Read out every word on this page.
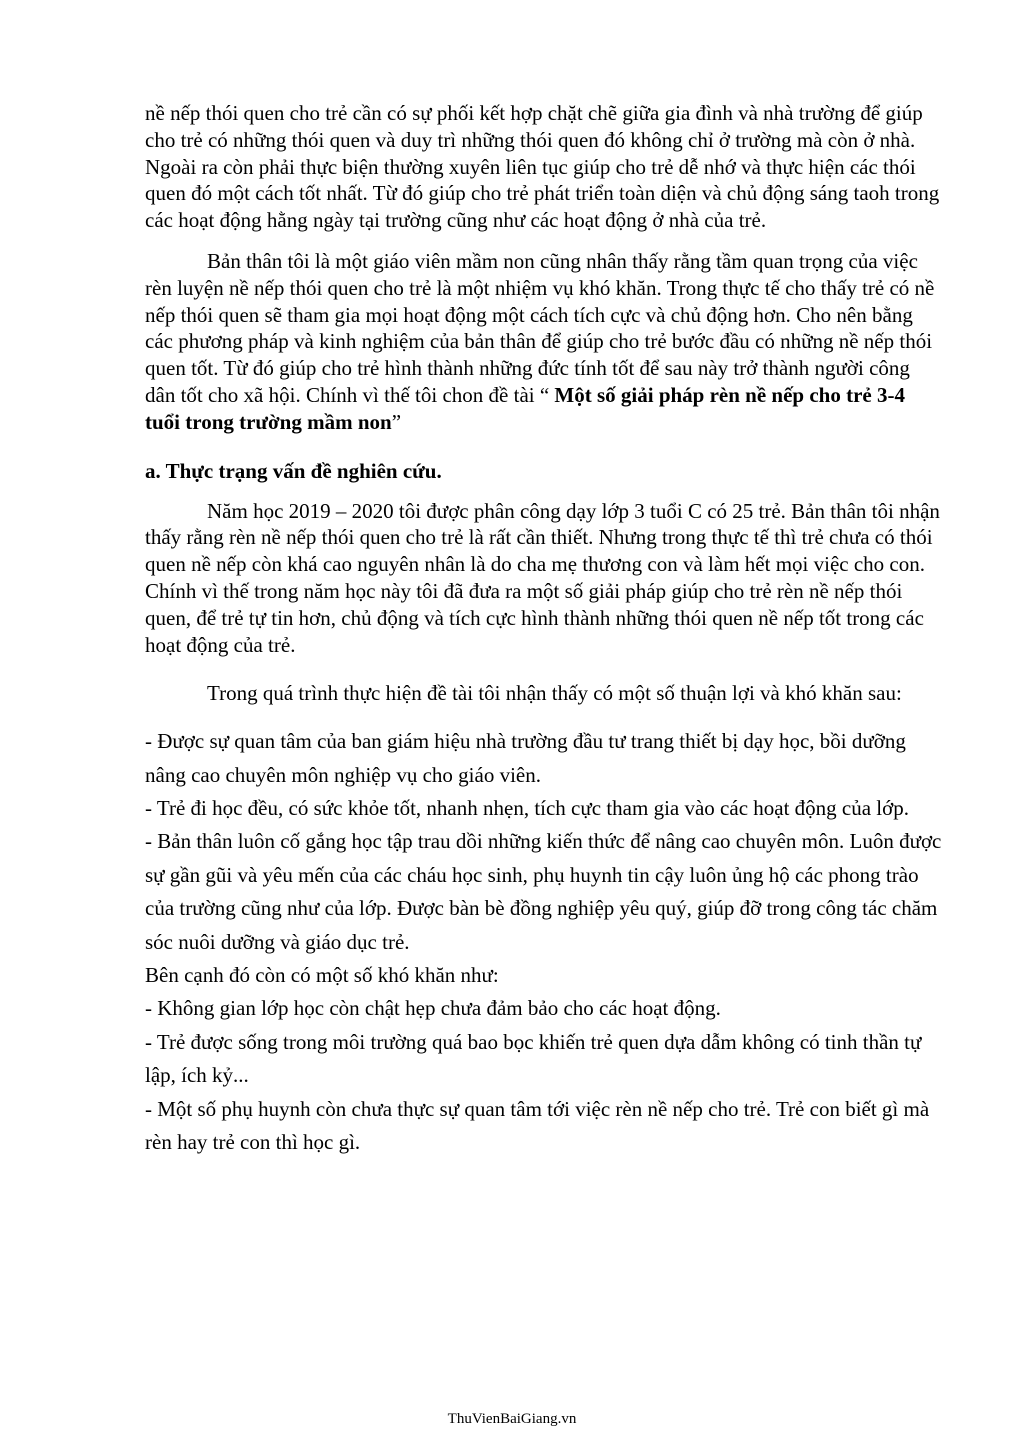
nề nếp thói quen cho trẻ cần có sự phối kết hợp chặt chẽ giữa gia đình và nhà trường để giúp cho trẻ có những thói quen và duy trì những thói quen đó không chỉ ở trường mà còn ở nhà. Ngoài ra còn phải thực biện thường xuyên liên tục giúp cho trẻ dễ nhớ và thực hiện các thói quen đó một cách tốt nhất. Từ đó giúp cho trẻ phát triển toàn diện và chủ động sáng taoh trong các hoạt động hằng ngày tại trường cũng như các hoạt động ở nhà của trẻ.

Bản thân tôi là một giáo viên mầm non cũng nhân thấy rằng tầm quan trọng của việc rèn luyện nề nếp thói quen cho trẻ là một nhiệm vụ khó khăn. Trong thực tế cho thấy trẻ có nề nếp thói quen sẽ tham gia mọi hoạt động một cách tích cực và chủ động hơn. Cho nên bằng các phương pháp và kinh nghiệm của bản thân để giúp cho trẻ bước đầu có những nề nếp thói quen tốt. Từ đó giúp cho trẻ hình thành những đức tính tốt để sau này trở thành người công dân tốt cho xã hội. Chính vì thế tôi chon đề tài “ Một số giải pháp rèn nề nếp cho trẻ 3-4 tuổi trong trường mầm non”

a. Thực trạng vấn đề nghiên cứu.

Năm học 2019 – 2020 tôi được phân công dạy lớp 3 tuổi C có 25 trẻ. Bản thân tôi nhận thấy rằng rèn nề nếp thói quen cho trẻ là rất cần thiết. Nhưng trong thực tế thì trẻ chưa có thói quen nề nếp còn khá cao nguyên nhân là do cha mẹ thương con và làm hết mọi việc cho con. Chính vì thế trong năm học này tôi đã đưa ra một số giải pháp giúp cho trẻ rèn nề nếp thói quen, để trẻ tự tin hơn, chủ động và tích cực hình thành những thói quen nề nếp tốt trong các hoạt động của trẻ.

Trong quá trình thực hiện đề tài tôi nhận thấy có một số thuận lợi và khó khăn sau:

- Được sự quan tâm của ban giám hiệu nhà trường đầu tư trang thiết bị dạy học, bồi dưỡng nâng cao chuyên môn nghiệp vụ cho giáo viên.

- Trẻ đi học đều, có sức khỏe tốt, nhanh nhẹn, tích cực tham gia vào các hoạt động của lớp.

- Bản thân luôn cố gắng học tập trau dồi những kiến thức để nâng cao chuyên môn. Luôn được sự gần gũi và yêu mến của các cháu học sinh, phụ huynh tin cậy luôn ủng hộ các phong trào của trường cũng như của lớp. Được bàn bè đồng nghiệp yêu quý, giúp đỡ trong công tác chăm sóc nuôi dưỡng và giáo dục trẻ.

Bên cạnh đó còn có một số khó khăn như:

- Không gian lớp học còn chật hẹp chưa đảm bảo cho các hoạt động.

- Trẻ được sống trong môi trường quá bao bọc khiến trẻ quen dựa dẫm không có tinh thần tự lập, ích kỷ...

- Một số phụ huynh còn chưa thực sự quan tâm tới việc rèn nề nếp cho trẻ. Trẻ con biết gì mà rèn hay trẻ con thì học gì.

ThuVienBaiGiang.vn
